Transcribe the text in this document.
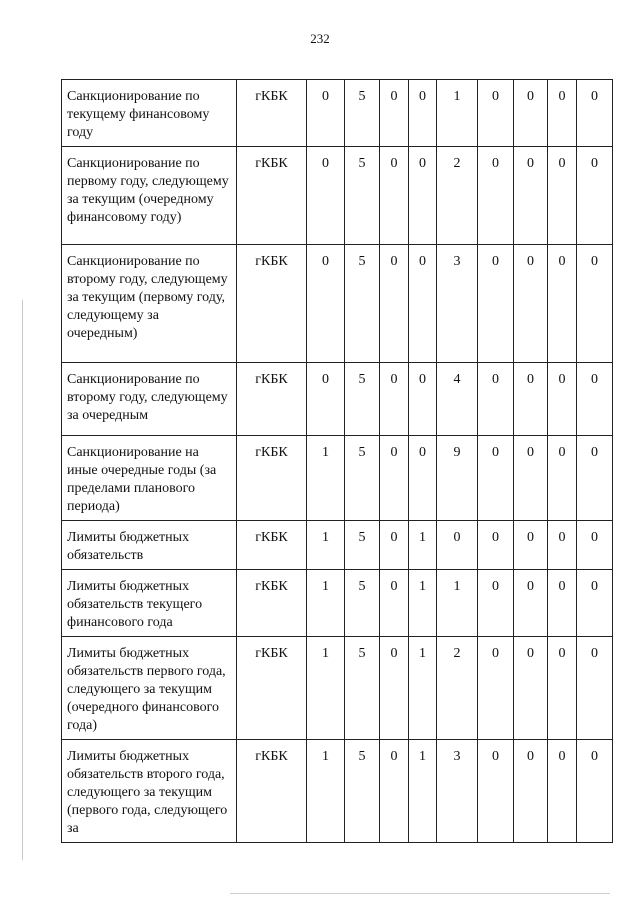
232
Санкционирование по текущему финансовому году	гКБК	0	5	0	0	1	0	0	0	0
Санкционирование по первому году, следующему за текущим (очередному финансовому году)	гКБК	0	5	0	0	2	0	0	0	0
Санкционирование по второму году, следующему за текущим (первому году, следующему за очередным)	гКБК	0	5	0	0	3	0	0	0	0
Санкционирование по второму году, следующему за очередным	гКБК	0	5	0	0	4	0	0	0	0
Санкционирование на иные очередные годы (за пределами планового периода)	гКБК	1	5	0	0	9	0	0	0	0
Лимиты бюджетных обязательств	гКБК	1	5	0	1	0	0	0	0	0
Лимиты бюджетных обязательств текущего финансового года	гКБК	1	5	0	1	1	0	0	0	0
Лимиты бюджетных обязательств первого года, следующего за текущим (очередного финансового года)	гКБК	1	5	0	1	2	0	0	0	0
Лимиты бюджетных обязательств второго года, следующего за текущим (первого года, следующего за	гКБК	1	5	0	1	3	0	0	0	0
